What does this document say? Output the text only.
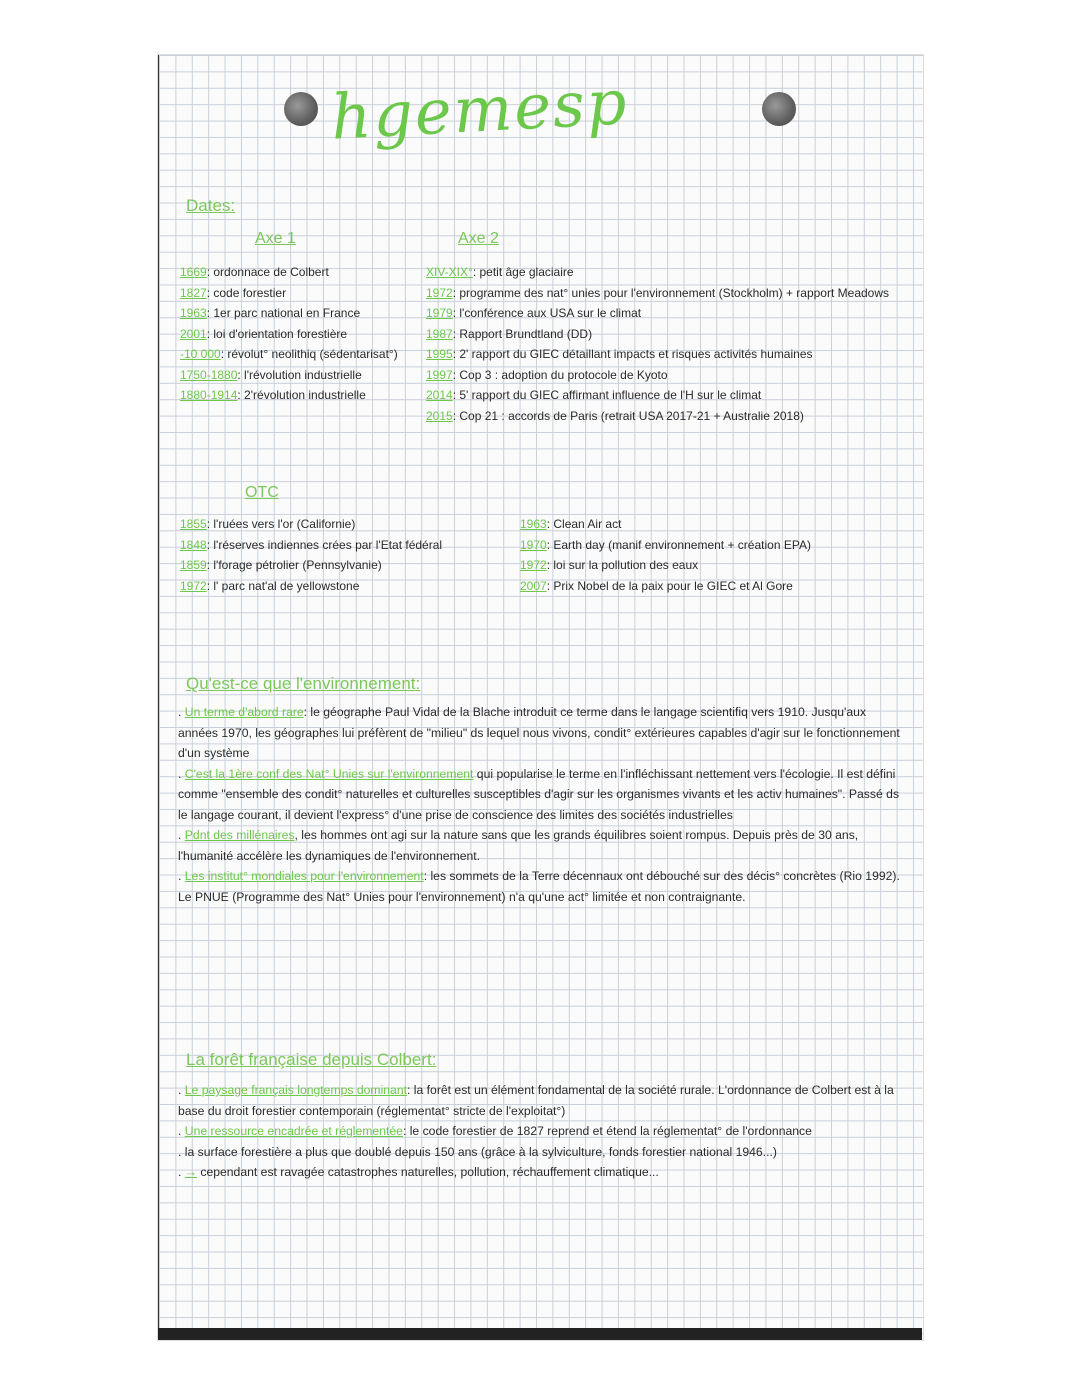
hgemesp
Dates:
Axe 1	Axe 2
1669: ordonnace de Colbert
1827: code forestier
1963: 1er parc national en France
2001: loi d'orientation forestière
-10 000: révolut° neolithiq (sédentarisat°)
1750-1880: l'révolution industrielle
1880-1914: 2'révolution industrielle
XIV-XIX°: petit âge glaciaire
1972: programme des nat° unies pour l'environnement (Stockholm) + rapport Meadows
1979: l'conférence aux USA sur le climat
1987: Rapport Brundtland (DD)
1995: 2' rapport du GIEC détaillant impacts et risques activités humaines
1997: Cop 3 : adoption du protocole de Kyoto
2014: 5' rapport du GIEC affirmant influence de l'H sur le climat
2015: Cop 21 : accords de Paris (retrait USA 2017-21 + Australie 2018)
OTC
1855: l'ruées vers l'or (Californie)
1848: l'réserves indiennes crées par l'Etat fédéral
1859: l'forage pétrolier (Pennsylvanie)
1972: l' parc nat'al de yellowstone
1963: Clean Air act
1970: Earth day (manif environnement + création EPA)
1972: loi sur la pollution des eaux
2007: Prix Nobel de la paix pour le GIEC et Al Gore
Qu'est-ce que l'environnement:
. Un terme d'abord rare: le géographe Paul Vidal de la Blache introduit ce terme dans le langage scientifiq vers 1910. Jusqu'aux années 1970, les géographes lui préfèrent de "milieu" ds lequel nous vivons, condit° extérieures capables d'agir sur le fonctionnement d'un système
. C'est la 1ère conf des Nat° Unies sur l'environnement qui popularise le terme en l'infléchissant nettement vers l'écologie. Il est défini comme "ensemble des condit° naturelles et culturelles susceptibles d'agir sur les organismes vivants et les activ humaines". Passé ds le langage courant, il devient l'express° d'une prise de conscience des limites des sociétés industrielles
. Pdnt des millénaires, les hommes ont agi sur la nature sans que les grands équilibres soient rompus. Depuis près de 30 ans, l'humanité accélère les dynamiques de l'environnement.
. Les institut° mondiales pour l'environnement: les sommets de la Terre décennaux ont débouché sur des décis° concrètes (Rio 1992). Le PNUE (Programme des Nat° Unies pour l'environnement) n'a qu'une act° limitée et non contraignante.
La forêt française depuis Colbert:
. Le paysage français longtemps dominant: la forêt est un élément fondamental de la société rurale. L'ordonnance de Colbert est à la base du droit forestier contemporain (réglementat° stricte de l'exploitat°)
. Une ressource encadrée et réglementée: le code forestier de 1827 reprend et étend la réglementat° de l'ordonnance
. la surface forestière a plus que doublé depuis 150 ans (grâce à la sylviculture, fonds forestier national 1946...)
. → cependant est ravagée catastrophes naturelles, pollution, réchauffement climatique...
